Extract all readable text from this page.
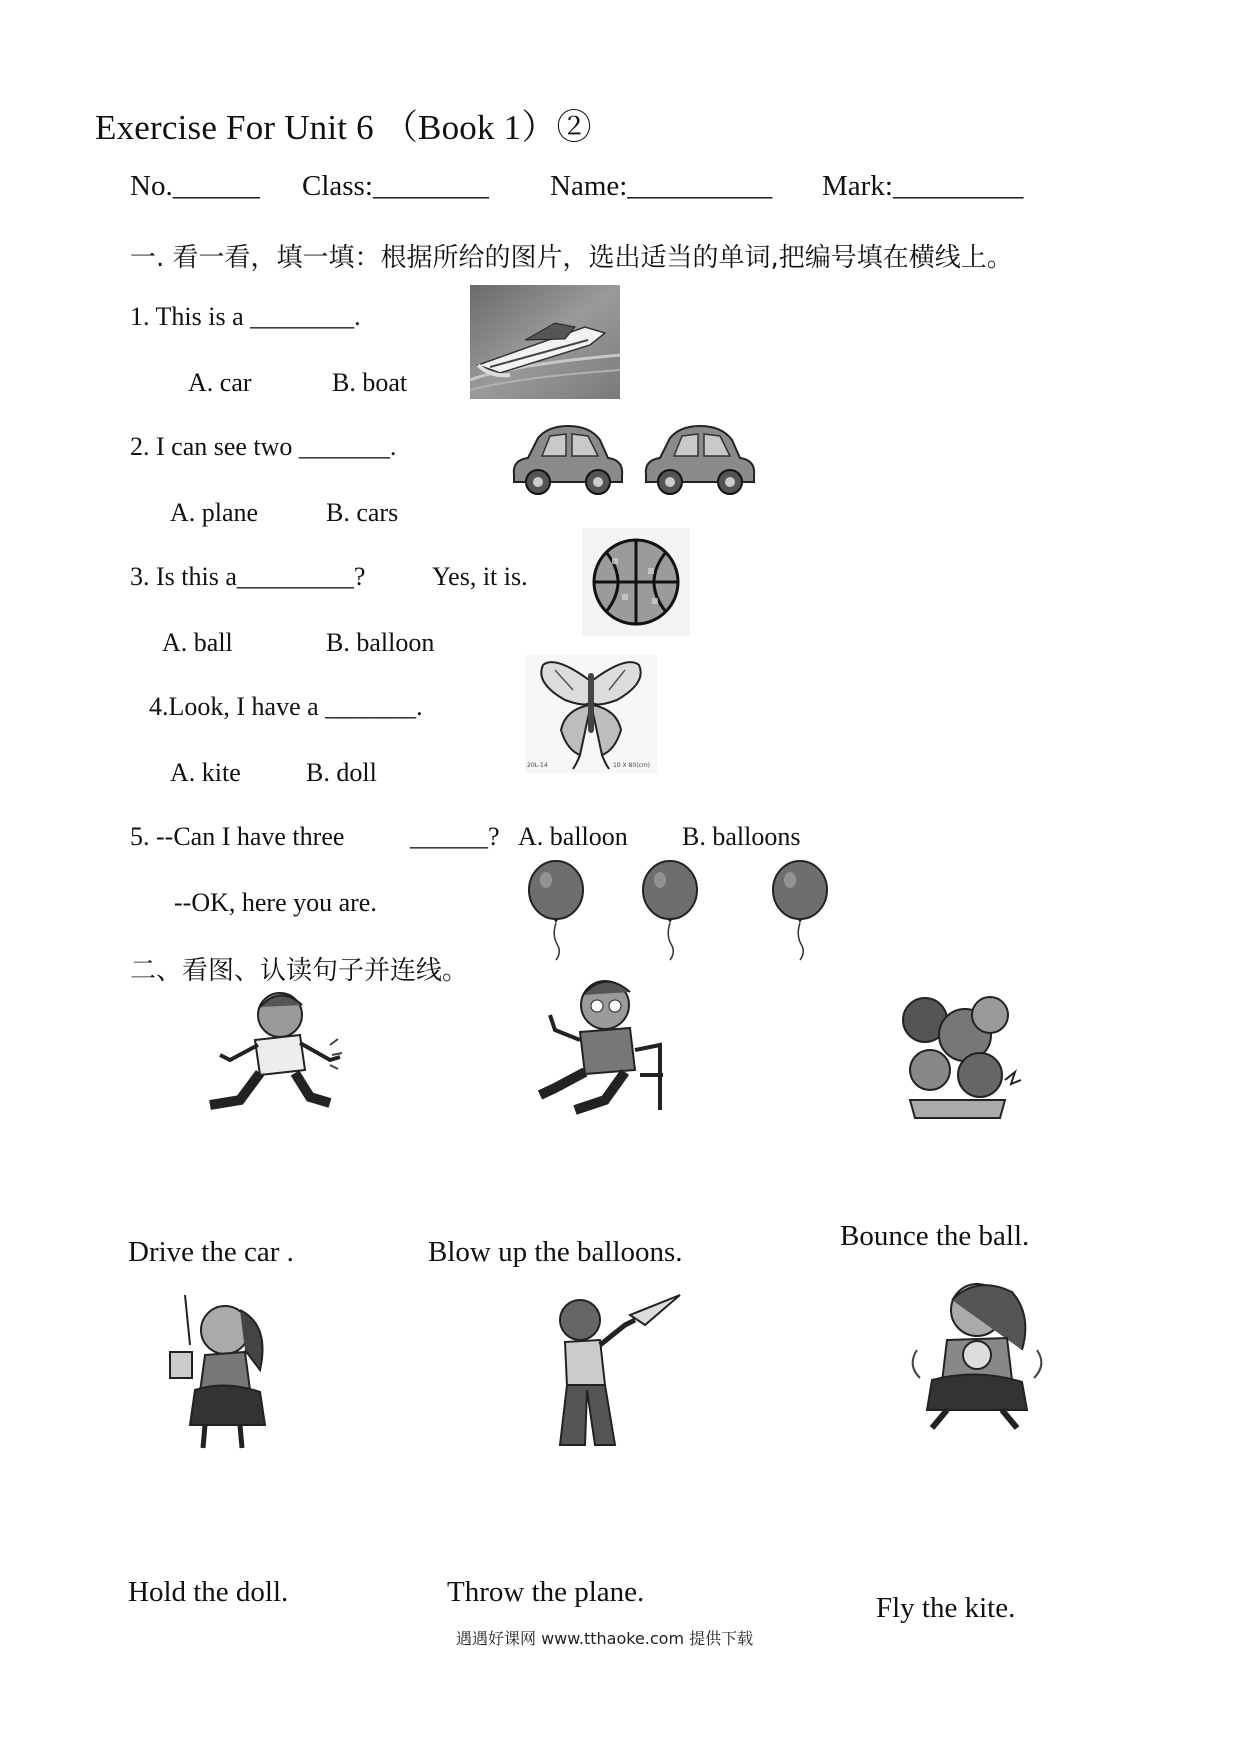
Exercise For Unit 6 （Book 1）②
No.______ Class:________ Name:__________ Mark:_________
一. 看一看，填一填：根据所给的图片，选出适当的单词,把编号填在横线上。
1. This is a ________.
A. car	B. boat
2. I can see two _______.
A. plane	B. cars
3. Is this a_________?	Yes, it is.
A. ball	B. balloon
4.Look, I have a _______.
A. kite	B. doll	20L-14	10 X 80(cm)
5. --Can I have three	______? A. balloon B. balloons
--OK, here you are.
二、看图、认读句子并连线。
Drive the car .	Blow up the balloons.	Bounce the ball.
Hold the doll.	Throw the plane.	Fly the kite.
遇遇好课网 www.tthaoke.com 提供下载
